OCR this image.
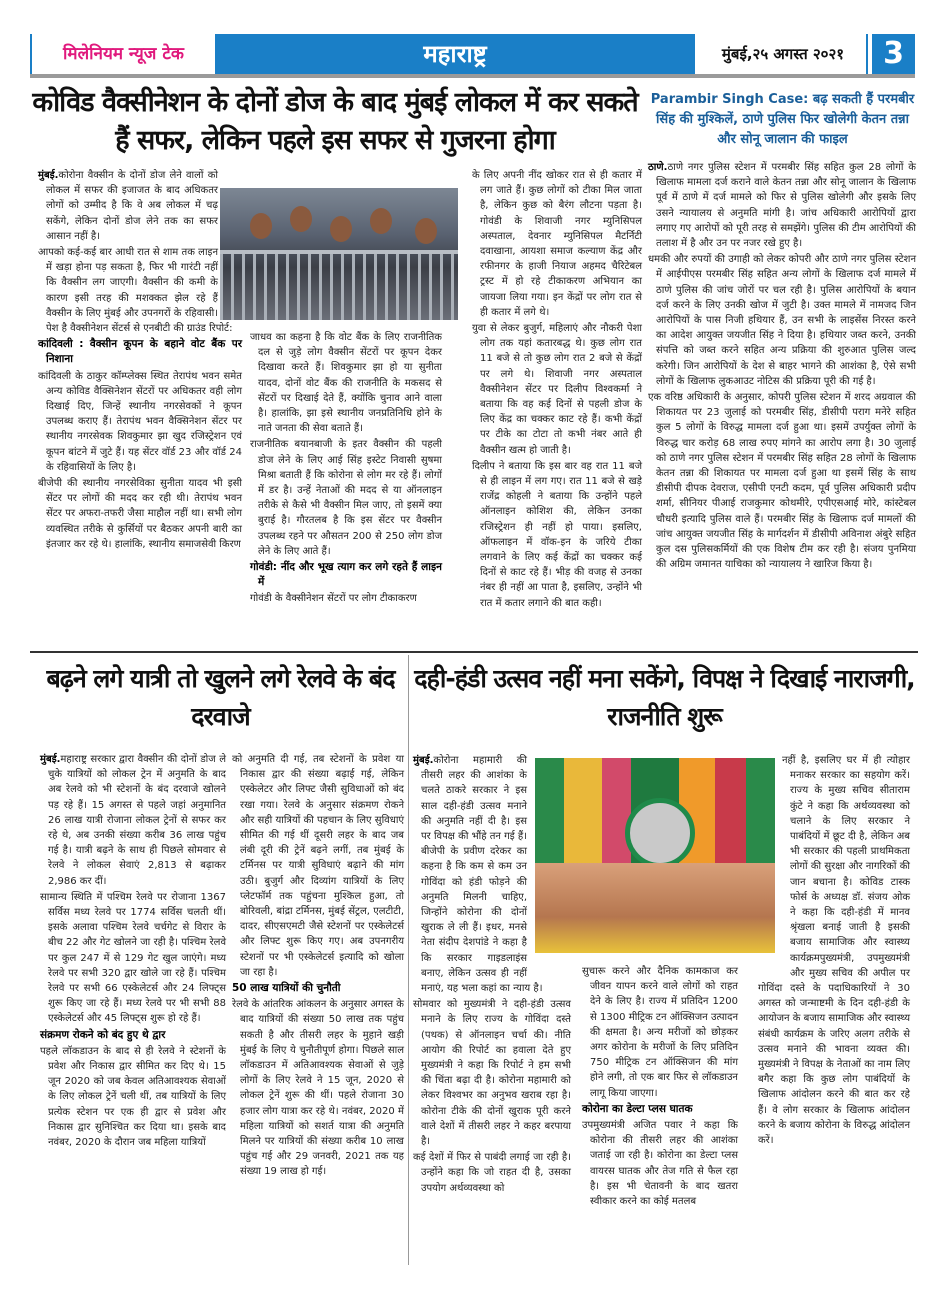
मिलेनियम न्यूज टेक	महाराष्ट्र	मुंबई,२५ अगस्त २०२१	3
कोविड वैक्सीनेशन के दोनों डोज के बाद मुंबई लोकल में कर सकते हैं सफर, लेकिन पहले इस सफर से गुजरना होगा

मुंबई.कोरोना वैक्सीन के दोनों डोज लेने वालों को लोकल में सफर की इजाजत के बाद अधिकतर लोगों को उम्मीद है कि वे अब लोकल में चढ़ सकेंगे, लेकिन दोनों डोज लेने तक का सफर आसान नहीं है।

आपको कई-कई बार आधी रात से शाम तक लाइन में खड़ा होना पड़ सकता है, फिर भी गारंटी नहीं कि वैक्सीन लग जाएगी। वैक्सीन की कमी के कारण इसी तरह की मशक्कत झेल रहे हैं वैक्सीन के लिए मुंबई और उपनगरों के रहिवासी। पेश है वैक्सीनेशन सेंटर्स से एनबीटी की ग्राउंड रिपोर्ट:

कांदिवली : वैक्सीन कूपन के बहाने वोट बैंक पर निशाना

कांदिवली के ठाकुर कॉम्प्लेक्स स्थित तेरापंथ भवन समेत अन्य कोविड वैक्सिनेशन सेंटरों पर अधिकतर वही लोग दिखाई दिए, जिन्हें स्थानीय नगरसेवकों ने कूपन उपलब्ध कराए हैं। तेरापंथ भवन वैक्सिनेशन सेंटर पर स्थानीय नगरसेवक शिवकुमार झा खुद रजिस्ट्रेशन एवं कूपन बांटने में जुटे हैं। यह सेंटर वॉर्ड 23 और वॉर्ड 24 के रहिवासियों के लिए है।

बीजेपी की स्थानीय नगरसेविका सुनीता यादव भी इसी सेंटर पर लोगों की मदद कर रही थी। तेरापंथ भवन सेंटर पर अफरा-तफरी जैसा माहौल नहीं था। सभी लोग व्यवस्थित तरीके से कुर्सियों पर बैठकर अपनी बारी का इंतजार कर रहे थे। हालांकि, स्थानीय समाजसेवी किरण

जाधव का कहना है कि वोट बैंक के लिए राजनीतिक दल से जुड़े लोग वैक्सीन सेंटरों पर कूपन देकर दिखावा करते हैं। शिवकुमार झा हो या सुनीता यादव, दोनों वोट बैंक की राजनीति के मकसद से सेंटरों पर दिखाई देते हैं, क्योंकि चुनाव आने वाला है। हालांकि, झा इसे स्थानीय जनप्रतिनिधि होने के नाते जनता की सेवा बताते हैं।

राजनीतिक बयानबाजी के इतर वैक्सीन की पहली डोज लेने के लिए आई सिंह इस्टेट निवासी सुषमा मिश्रा बताती हैं कि कोरोना से लोग मर रहे हैं। लोगों में डर है। उन्हें नेताओं की मदद से या ऑनलाइन तरीके से कैसे भी वैक्सीन मिल जाए, तो इसमें क्या बुराई है। गौरतलब है कि इस सेंटर पर वैक्सीन उपलब्ध रहने पर औसतन 200 से 250 लोग डोज लेने के लिए आते हैं।

गोवंडी: नींद और भूख त्याग कर लगे रहते हैं लाइन में

गोवंडी के वैक्सीनेशन सेंटरों पर लोग टीकाकरण

के लिए अपनी नींद खोकर रात से ही कतार में लग जाते हैं। कुछ लोगों को टीका मिल जाता है, लेकिन कुछ को बैरंग लौटना पड़ता है। गोवंडी के शिवाजी नगर म्युनिसिपल अस्पताल, देवनार म्युनिसिपल मैटर्निटी दवाखाना, आयशा समाज कल्याण केंद्र और रफीनगर के हाजी नियाज अहमद चैरिटेबल ट्रस्ट में हो रहे टीकाकरण अभियान का जायजा लिया गया। इन केंद्रों पर लोग रात से ही कतार में लगे थे।

युवा से लेकर बुजुर्ग, महिलाएं और नौकरी पेशा लोग तक यहां कतारबद्ध थे। कुछ लोग रात 11 बजे से तो कुछ लोग रात 2 बजे से केंद्रों पर लगे थे। शिवाजी नगर अस्पताल वैक्सीनेशन सेंटर पर दिलीप विश्वकर्मा ने बताया कि वह कई दिनों से पहली डोज के लिए केंद्र का चक्कर काट रहे हैं। कभी केंद्रों पर टीके का टोटा तो कभी नंबर आते ही वैक्सीन खत्म हो जाती है।

दिलीप ने बताया कि इस बार वह रात 11 बजे से ही लाइन में लग गए। रात 11 बजे से खड़े राजेंद्र कोहली ने बताया कि उन्होंने पहले ऑनलाइन कोशिश की, लेकिन उनका रजिस्ट्रेशन ही नहीं हो पाया। इसलिए, ऑफलाइन में वॉक-इन के जरिये टीका लगवाने के लिए कई केंद्रों का चक्कर कई दिनों से काट रहे हैं। भीड़ की वजह से उनका नंबर ही नहीं आ पाता है, इसलिए, उन्होंने भी रात में कतार लगाने की बात कही।

Parambir Singh Case: बढ़ सकती हैं परमबीर सिंह की मुश्किलें, ठाणे पुलिस फिर खोलेगी केतन तन्ना और सोनू जालान की फाइल

ठाणे.ठाणे नगर पुलिस स्टेशन में परमबीर सिंह सहित कुल 28 लोगों के खिलाफ मामला दर्ज कराने वाले केतन तन्ना और सोनू जालान के खिलाफ पूर्व में ठाणे में दर्ज मामले को फिर से पुलिस खोलेगी और इसके लिए उसने न्यायालय से अनुमति मांगी है। जांच अधिकारी आरोपियों द्वारा लगाए गए आरोपों को पूरी तरह से समझेंगे। पुलिस की टीम आरोपियों की तलाश में है और उन पर नजर रखे हुए है।

धमकी और रुपयों की उगाही को लेकर कोपरी और ठाणे नगर पुलिस स्टेशन में आईपीएस परमबीर सिंह सहित अन्य लोगों के खिलाफ दर्ज मामले में ठाणे पुलिस की जांच जोरों पर चल रही है। पुलिस आरोपियों के बयान दर्ज करने के लिए उनकी खोज में जुटी है। उक्त मामले में नामजद जिन आरोपियों के पास निजी हथियार हैं, उन सभी के लाइसेंस निरस्त करने का आदेश आयुक्त जयजीत सिंह ने दिया है। हथियार जब्त करने, उनकी संपत्ति को जब्त करने सहित अन्य प्रक्रिया की शुरुआत पुलिस जल्द करेगी। जिन आरोपियों के देश से बाहर भागने की आशंका है, ऐसे सभी लोगों के खिलाफ लुकआउट नोटिस की प्रक्रिया पूरी की गई है।

एक वरिष्ठ अधिकारी के अनुसार, कोपरी पुलिस स्टेशन में शरद अग्रवाल की शिकायत पर 23 जुलाई को परमबीर सिंह, डीसीपी पराग मनेरे सहित कुल 5 लोगों के विरुद्ध मामला दर्ज हुआ था। इसमें उपर्युक्त लोगों के विरुद्ध चार करोड़ 68 लाख रुपए मांगने का आरोप लगा है। 30 जुलाई को ठाणे नगर पुलिस स्टेशन में परमबीर सिंह सहित 28 लोगों के खिलाफ केतन तन्ना की शिकायत पर मामला दर्ज हुआ था इसमें सिंह के साथ डीसीपी दीपक देवराज, एसीपी एनटी कदम, पूर्व पुलिस अधिकारी प्रदीप शर्मा, सीनियर पीआई राजकुमार कोथमीरे, एपीएसआई मोरे, कांस्टेबल चौधरी इत्यादि पुलिस वाले हैं। परमबीर सिंह के खिलाफ दर्ज मामलों की जांच आयुक्त जयजीत सिंह के मार्गदर्शन में डीसीपी अविनाश अंबुरे सहित कुल दस पुलिसकर्मियों की एक विशेष टीम कर रही है। संजय पुनमिया की अग्रिम जमानत याचिका को न्यायालय ने खारिज किया है।

बढ़ने लगे यात्री तो खुलने लगे रेलवे के बंद दरवाजे

मुंबई.महाराष्ट्र सरकार द्वारा वैक्सीन की दोनों डोज ले चुके यात्रियों को लोकल ट्रेन में अनुमति के बाद अब रेलवे को भी स्टेशनों के बंद दरवाजे खोलने पड़ रहे हैं। 15 अगस्त से पहले जहां अनुमानित 26 लाख यात्री रोजाना लोकल ट्रेनों से सफर कर रहे थे, अब उनकी संख्या करीब 36 लाख पहुंच गई है। यात्री बढ़ने के साथ ही पिछले सोमवार से रेलवे ने लोकल सेवाएं 2,813 से बढ़ाकर 2,986 कर दीं।

सामान्य स्थिति में पश्चिम रेलवे पर रोजाना 1367 सर्विस मध्य रेलवे पर 1774 सर्विस चलती थीं। इसके अलावा पश्चिम रेलवे चर्चगेट से विरार के बीच 22 और गेट खोलने जा रही है। पश्चिम रेलवे पर कुल 247 में से 129 गेट खुल जाएंगे। मध्य रेलवे पर सभी 320 द्वार खोले जा रहे हैं। पश्चिम रेलवे पर सभी 66 एस्केलेटर्स और 24 लिफ्ट्स शुरू किए जा रहे हैं। मध्य रेलवे पर भी सभी 88 एस्केलेटर्स और 45 लिफ्ट्स शुरू हो रहे हैं।

संक्रमण रोकने को बंद हुए थे द्वार

पहले लॉकडाउन के बाद से ही रेलवे ने स्टेशनों के प्रवेश और निकास द्वार सीमित कर दिए थे। 15 जून 2020 को जब केवल अतिआवश्यक सेवाओं के लिए लोकल ट्रेनें चली थीं, तब यात्रियों के लिए प्रत्येक स्टेशन पर एक ही द्वार से प्रवेश और निकास द्वार सुनिश्चित कर दिया था। इसके बाद नवंबर, 2020 के दौरान जब महिला यात्रियों

को अनुमति दी गई, तब स्टेशनों के प्रवेश या निकास द्वार की संख्या बढ़ाई गई, लेकिन एस्केलेटर और लिफ्ट जैसी सुविधाओं को बंद रखा गया। रेलवे के अनुसार संक्रमण रोकने और सही यात्रियों की पहचान के लिए सुविधाएं सीमित की गई थीं दूसरी लहर के बाद जब लंबी दूरी की ट्रेनें बढ़ने लगीं, तब मुंबई के टर्मिनस पर यात्री सुविधाएं बढ़ाने की मांग उठी। बुजुर्ग और दिव्यांग यात्रियों के लिए प्लेटफॉर्म तक पहुंचना मुश्किल हुआ, तो बोरिवली, बांद्रा टर्मिनस, मुंबई सेंट्रल, एलटीटी, दादर, सीएसएमटी जैसे स्टेशनों पर एस्केलेटर्स और लिफ्ट शुरू किए गए। अब उपनगरीय स्टेशनों पर भी एस्केलेटर्स इत्यादि को खोला जा रहा है।

50 लाख यात्रियों की चुनौती

रेलवे के आंतरिक आंकलन के अनुसार अगस्त के बाद यात्रियों की संख्या 50 लाख तक पहुंच सकती है और तीसरी लहर के मुहाने खड़ी मुंबई के लिए ये चुनौतीपूर्ण होगा। पिछले साल लॉकडाउन में अतिआवश्यक सेवाओं से जुड़े लोगों के लिए रेलवे ने 15 जून, 2020 से लोकल ट्रेनें शुरू की थीं। पहले रोजाना 30 हजार लोग यात्रा कर रहे थे। नवंबर, 2020 में महिला यात्रियों को सशर्त यात्रा की अनुमति मिलने पर यात्रियों की संख्या करीब 10 लाख पहुंच गई और 29 जनवरी, 2021 तक यह संख्या 19 लाख हो गई।

दही-हंडी उत्सव नहीं मना सकेंगे, विपक्ष ने दिखाई नाराजगी, राजनीति शुरू

मुंबई.कोरोना महामारी की तीसरी लहर की आशंका के चलते ठाकरे सरकार ने इस साल दही-हंडी उत्सव मनाने की अनुमति नहीं दी है। इस पर विपक्ष की भौंहे तन गई हैं। बीजेपी के प्रवीण दरेकर का कहना है कि कम से कम उन गोविंदा को हंडी फोड़ने की अनुमति मिलनी चाहिए, जिन्होंने कोरोना की दोनों खुराक ले ली हैं। इधर, मनसे नेता संदीप देशपांडे ने कहा है कि सरकार गाइडलाइंस बनाए, लेकिन उत्सव ही नहीं मनाएं, यह भला कहां का न्याय है।

सोमवार को मुख्यमंत्री ने दही-हंडी उत्सव मनाने के लिए राज्य के गोविंदा दस्ते (पथक) से ऑनलाइन चर्चा की। नीति आयोग की रिपोर्ट का हवाला देते हुए मुख्यमंत्री ने कहा कि रिपोर्ट ने हम सभी की चिंता बढ़ा दी है। कोरोना महामारी को लेकर विश्वभर का अनुभव खराब रहा है। कोरोना टीके की दोनों खुराक पूरी करने वाले देशों में तीसरी लहर ने कहर बरपाया है।

कई देशों में फिर से पाबंदी लगाई जा रही है। उन्होंने कहा कि जो राहत दी है, उसका उपयोग अर्थव्यवस्था को

सुचारू करने और दैनिक कामकाज कर जीवन यापन करने वाले लोगों को राहत देने के लिए है। राज्य में प्रतिदिन 1200 से 1300 मीट्रिक टन ऑक्सिजन उत्पादन की क्षमता है। अन्य मरीजों को छोड़कर अगर कोरोना के मरीजों के लिए प्रतिदिन 750 मीट्रिक टन ऑक्सिजन की मांग होने लगी, तो एक बार फिर से लॉकडाउन लागू किया जाएगा।

कोरोना का डेल्टा प्लस घातक

उपमुख्यमंत्री अजित पवार ने कहा कि कोरोना की तीसरी लहर की आशंका जताई जा रही है। कोरोना का डेल्टा प्लस वायरस घातक और तेज गति से फैल रहा है। इस भी चेतावनी के बाद खतरा स्वीकार करने का कोई मतलब

नहीं है, इसलिए घर में ही त्योहार मनाकर सरकार का सहयोग करें। राज्य के मुख्य सचिव सीताराम कुंटे ने कहा कि अर्थव्यवस्था को चलाने के लिए सरकार ने पाबंदियों में छूट दी है, लेकिन अब भी सरकार की पहली प्राथमिकता लोगों की सुरक्षा और नागरिकों की जान बचाना है। कोविड टास्क फोर्स के अध्यक्ष डॉ. संजय ओक ने कहा कि दही-हंडी में मानव श्रृंखला बनाई जाती है इसकी बजाय सामाजिक और स्वास्थ्य कार्यक्रमपुख्यमंत्री, उपमुख्यमंत्री और मुख्य सचिव की अपील पर गोविंदा दस्ते के पदाधिकारियों ने 30 अगस्त को जन्माष्टमी के दिन दही-हंडी के आयोजन के बजाय सामाजिक और स्वास्थ्य संबंधी कार्यक्रम के जरिए अलग तरीके से उत्सव मनाने की भावना व्यक्त की। मुख्यमंत्री ने विपक्ष के नेताओं का नाम लिए बगैर कहा कि कुछ लोग पाबंदियों के खिलाफ आंदोलन करने की बात कर रहे हैं। वे लोग सरकार के खिलाफ आंदोलन करने के बजाय कोरोना के विरुद्ध आंदोलन करें।
